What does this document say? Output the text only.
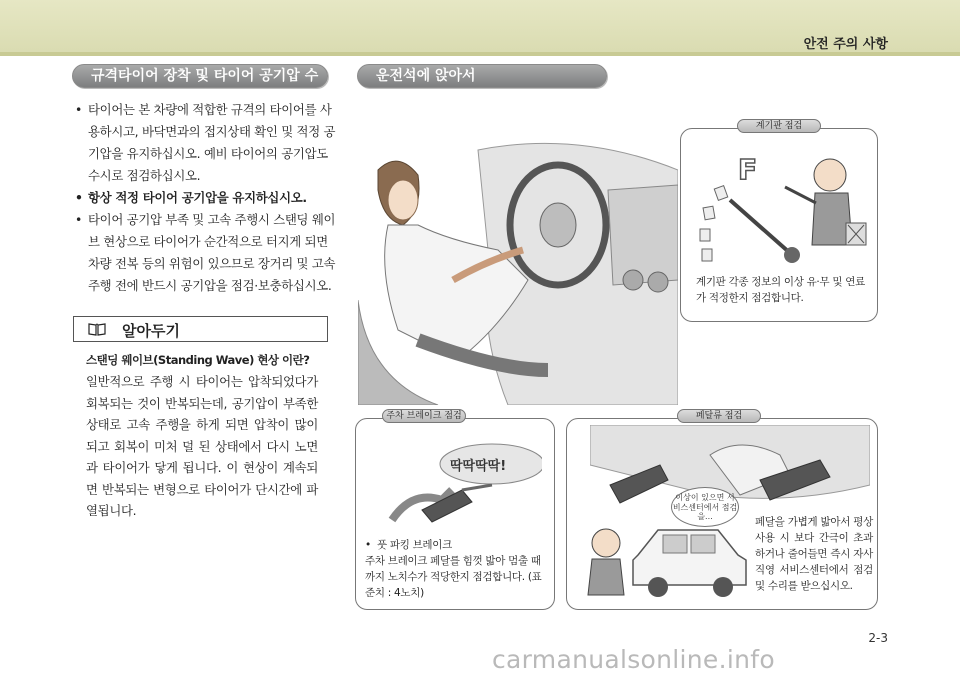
안전 주의 사항
규격타이어 장착 및 타이어 공기압 수시 점검
• 타이어는 본 차량에 적합한 규격의 타이어를 사용하시고, 바닥면과의 접지상태 확인 및 적정 공기압을 유지하십시오. 예비 타이어의 공기압도 수시로 점검하십시오.
• 항상 적정 타이어 공기압을 유지하십시오.
• 타이어 공기압 부족 및 고속 주행시 스탠딩 웨이브 현상으로 타이어가 순간적으로 터지게 되면 차량 전복 등의 위험이 있으므로 장거리 및 고속 주행 전에 반드시 공기압을 점검·보충하십시오.
알아두기
스탠딩 웨이브(Standing Wave) 현상 이란?
일반적으로 주행 시 타이어는 압착되었다가 회복되는 것이 반복되는데, 공기압이 부족한 상태로 고속 주행을 하게 되면 압착이 많이 되고 회복이 미처 덜 된 상태에서 다시 노면과 타이어가 닿게 됩니다. 이 현상이 계속되면 반복되는 변형으로 타이어가 단시간에 파열됩니다.
운전석에 앉아서
계기판 점검
F
계기판 각종 정보의 이상 유·무 및 연료가 적정한지 점검합니다.
주차 브레이크 점검
딱딱딱딱!
•  풋 파킹 브레이크
주차 브레이크 페달를 힘껏 밟아 멈출 때까지 노치수가 적당한지 점검합니다. (표준치 : 4노치)
페달류 점검
이상이 있으면 서비스센터에서 점검을...	페달을 가볍게 밟아서 평상 사용 시 보다 간극이 초과하거나 줄어들면 즉시 자사 직영 서비스센터에서 점검 및 수리를 받으십시오.
2-3
carmanualsonline.info
